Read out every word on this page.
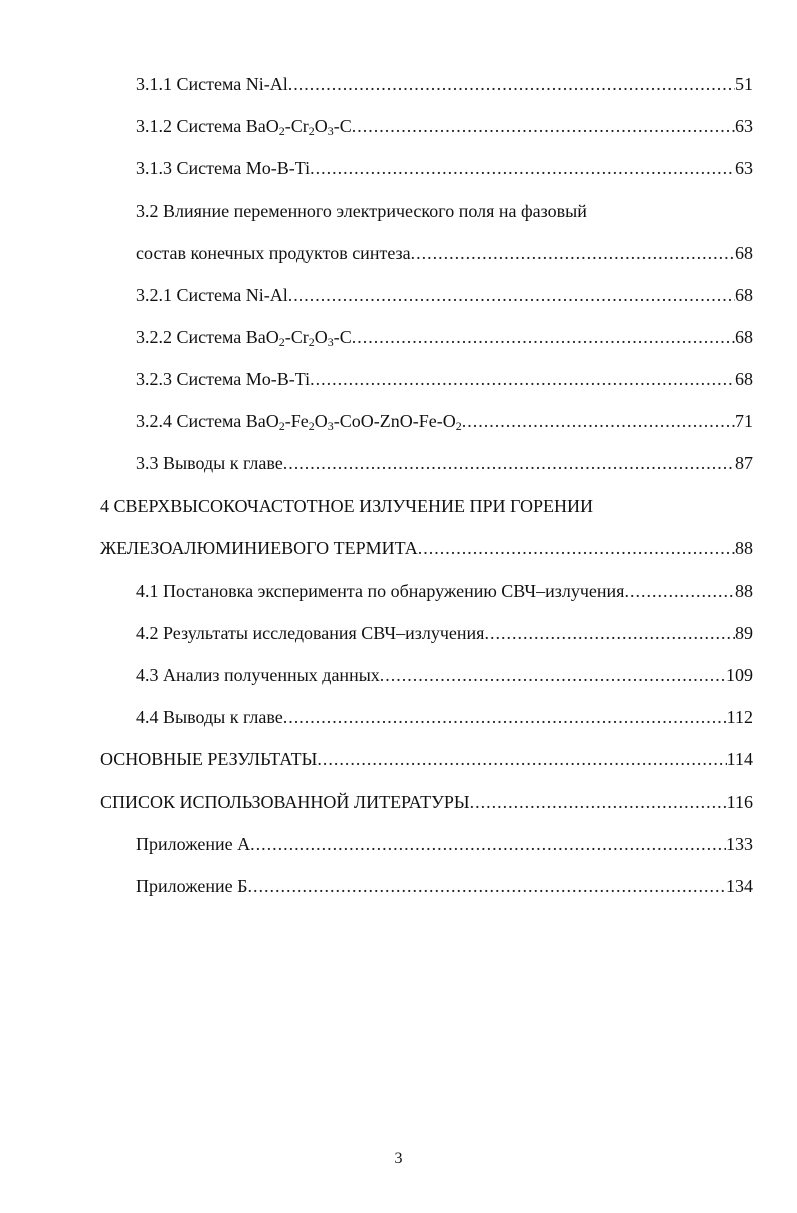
3.1.1 Система Ni-Al .....	51
3.1.2 Система $BaO_2-Cr_2O_3-C$ .....	63
3.1.3 Система Mo-B-Ti .....	63
3.2 Влияние переменного электрического поля на фазовый
состав конечных продуктов синтеза .....	68
3.2.1 Система Ni-Al .....	68
3.2.2 Система $BaO_2-Cr_2O_3-C$ .....	68
3.2.3 Система Mo-B-Ti .....	68
3.2.4 Система $BaO_2-Fe_2O_3-CoO-ZnO-Fe-O_2$ .....	71
3.3 Выводы к главе .....	87
4 СВЕРХВЫСОКОЧАСТОТНОЕ ИЗЛУЧЕНИЕ ПРИ ГОРЕНИИ
ЖЕЛЕЗОАЛЮМИНИЕВОГО ТЕРМИТА .....	88
4.1 Постановка эксперимента по обнаружению СВЧ–излучения .....	88
4.2 Результаты исследования СВЧ–излучения .....	89
4.3 Анализ полученных данных .....	109
4.4 Выводы к главе .....	112
ОСНОВНЫЕ РЕЗУЛЬТАТЫ .....	114
СПИСОК ИСПОЛЬЗОВАННОЙ ЛИТЕРАТУРЫ .....	116
Приложение А .....	133
Приложение Б .....	134
3
